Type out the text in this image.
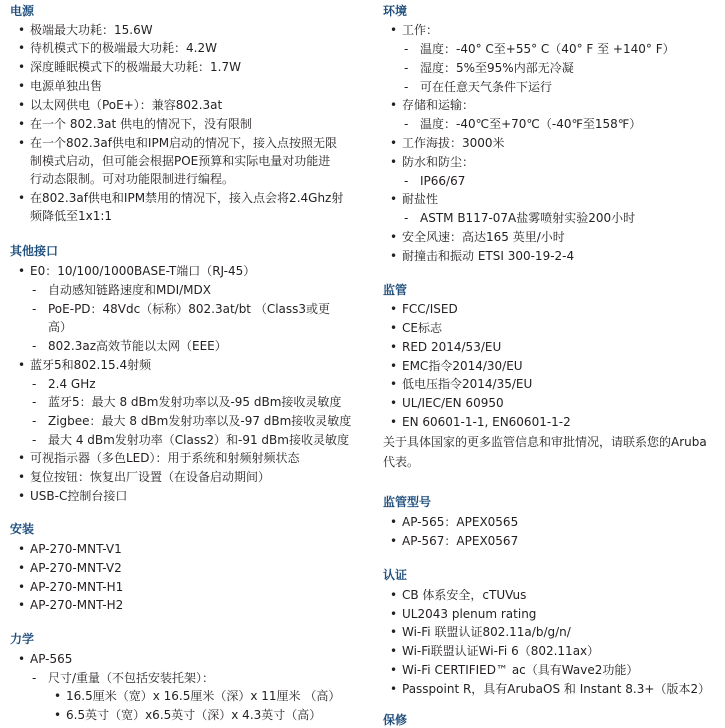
电源
• 极端最大功耗：15.6W
• 待机模式下的极端最大功耗：4.2W
• 深度睡眠模式下的极端最大功耗：1.7W
• 电源单独出售
• 以太网供电（PoE+）：兼容802.3at
• 在一个 802.3at 供电的情况下，没有限制
• 在一个802.3af供电和IPM启动的情况下，接入点按照无限
制模式启动，但可能会根据POE预算和实际电量对功能进
行动态限制。可对功能限制进行编程。
• 在802.3af供电和IPM禁用的情况下，接入点会将2.4Ghz射
频降低至1x1:1
其他接口
• E0：10/100/1000BASE-T端口（RJ-45）
- 自动感知链路速度和MDI/MDX
- PoE-PD：48Vdc（标称）802.3at/bt （Class3或更
高）
- 802.3az高效节能以太网（EEE）
• 蓝牙5和802.15.4射频
- 2.4 GHz
- 蓝牙5：最大 8 dBm发射功率以及-95 dBm接收灵敏度
- Zigbee：最大 8 dBm发射功率以及-97 dBm接收灵敏度
- 最大 4 dBm发射功率（Class2）和-91 dBm接收灵敏度
• 可视指示器（多色LED）：用于系统和射频射频状态
• 复位按钮：恢复出厂设置（在设备启动期间）
• USB-C控制台接口
安装
• AP-270-MNT-V1
• AP-270-MNT-V2
• AP-270-MNT-H1
• AP-270-MNT-H2
力学
• AP-565
- 尺寸/重量（不包括安装托架）：
• 16.5厘米（宽）x 16.5厘米（深）x 11厘米 （高）
• 6.5英寸（宽）x6.5英寸（深）x 4.3英寸（高）
环境
• 工作：
- 温度：-40° C至+55° C（40° F 至 +140° F）
- 湿度：5%至95%内部无冷凝
- 可在任意天气条件下运行
• 存储和运输：
- 温度：-40℃至+70℃（-40℉至158℉）
• 工作海拔：3000米
• 防水和防尘：
- IP66/67
• 耐盐性
- ASTM B117-07A盐雾喷射实验200小时
• 安全风速：高达165 英里/小时
• 耐撞击和振动 ETSI 300-19-2-4
监管
• FCC/ISED
• CE标志
• RED 2014/53/EU
• EMC指令2014/30/EU
• 低电压指令2014/35/EU
• UL/IEC/EN 60950
• EN 60601-1-1, EN60601-1-2
关于具体国家的更多监管信息和审批情况，请联系您的Aruba
代表。
监管型号
• AP-565：APEX0565
• AP-567：APEX0567
认证
• CB 体系安全，cTUVus
• UL2043 plenum rating
• Wi-Fi 联盟认证802.11a/b/g/n/
• Wi-Fi联盟认证Wi-Fi 6（802.11ax）
• Wi-Fi CERTIFIED™ ac（具有Wave2功能）
• Passpoint R，具有ArubaOS 和 Instant 8.3+（版本2）
保修
